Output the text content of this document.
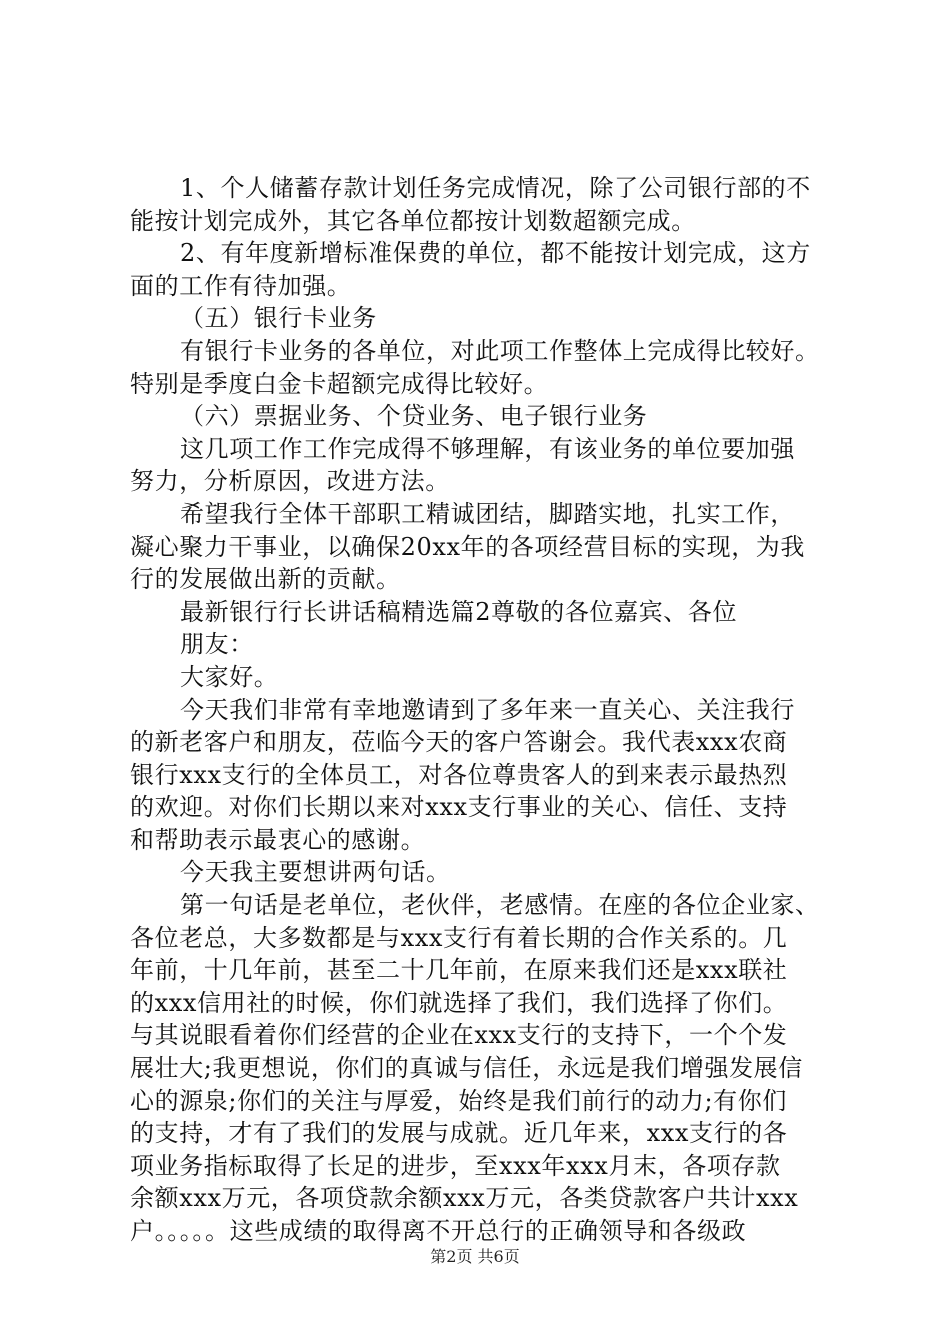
1、个人储蓄存款计划任务完成情况，除了公司银行部的不
能按计划完成外，其它各单位都按计划数超额完成。
2、有年度新增标准保费的单位，都不能按计划完成，这方
面的工作有待加强。
（五）银行卡业务
有银行卡业务的各单位，对此项工作整体上完成得比较好。
特别是季度白金卡超额完成得比较好。
（六）票据业务、个贷业务、电子银行业务
这几项工作工作完成得不够理解，有该业务的单位要加强
努力，分析原因，改进方法。
希望我行全体干部职工精诚团结，脚踏实地，扎实工作，
凝心聚力干事业，以确保20xx年的各项经营目标的实现，为我
行的发展做出新的贡献。
最新银行行长讲话稿精选篇2尊敬的各位嘉宾、各位
朋友：
大家好。
今天我们非常有幸地邀请到了多年来一直关心、关注我行
的新老客户和朋友，莅临今天的客户答谢会。我代表xxx农商
银行xxx支行的全体员工，对各位尊贵客人的到来表示最热烈
的欢迎。对你们长期以来对xxx支行事业的关心、信任、支持
和帮助表示最衷心的感谢。
今天我主要想讲两句话。
第一句话是老单位，老伙伴，老感情。在座的各位企业家、
各位老总，大多数都是与xxx支行有着长期的合作关系的。几
年前，十几年前，甚至二十几年前，在原来我们还是xxx联社
的xxx信用社的时候，你们就选择了我们，我们选择了你们。
与其说眼看着你们经营的企业在xxx支行的支持下，一个个发
展壮大;我更想说，你们的真诚与信任，永远是我们增强发展信
心的源泉;你们的关注与厚爱，始终是我们前行的动力;有你们
的支持，才有了我们的发展与成就。近几年来，xxx支行的各
项业务指标取得了长足的进步，至xxx年xxx月末，各项存款
余额xxx万元，各项贷款余额xxx万元，各类贷款客户共计xxx
户。。。。。这些成绩的取得离不开总行的正确领导和各级政
第2页 共6页
